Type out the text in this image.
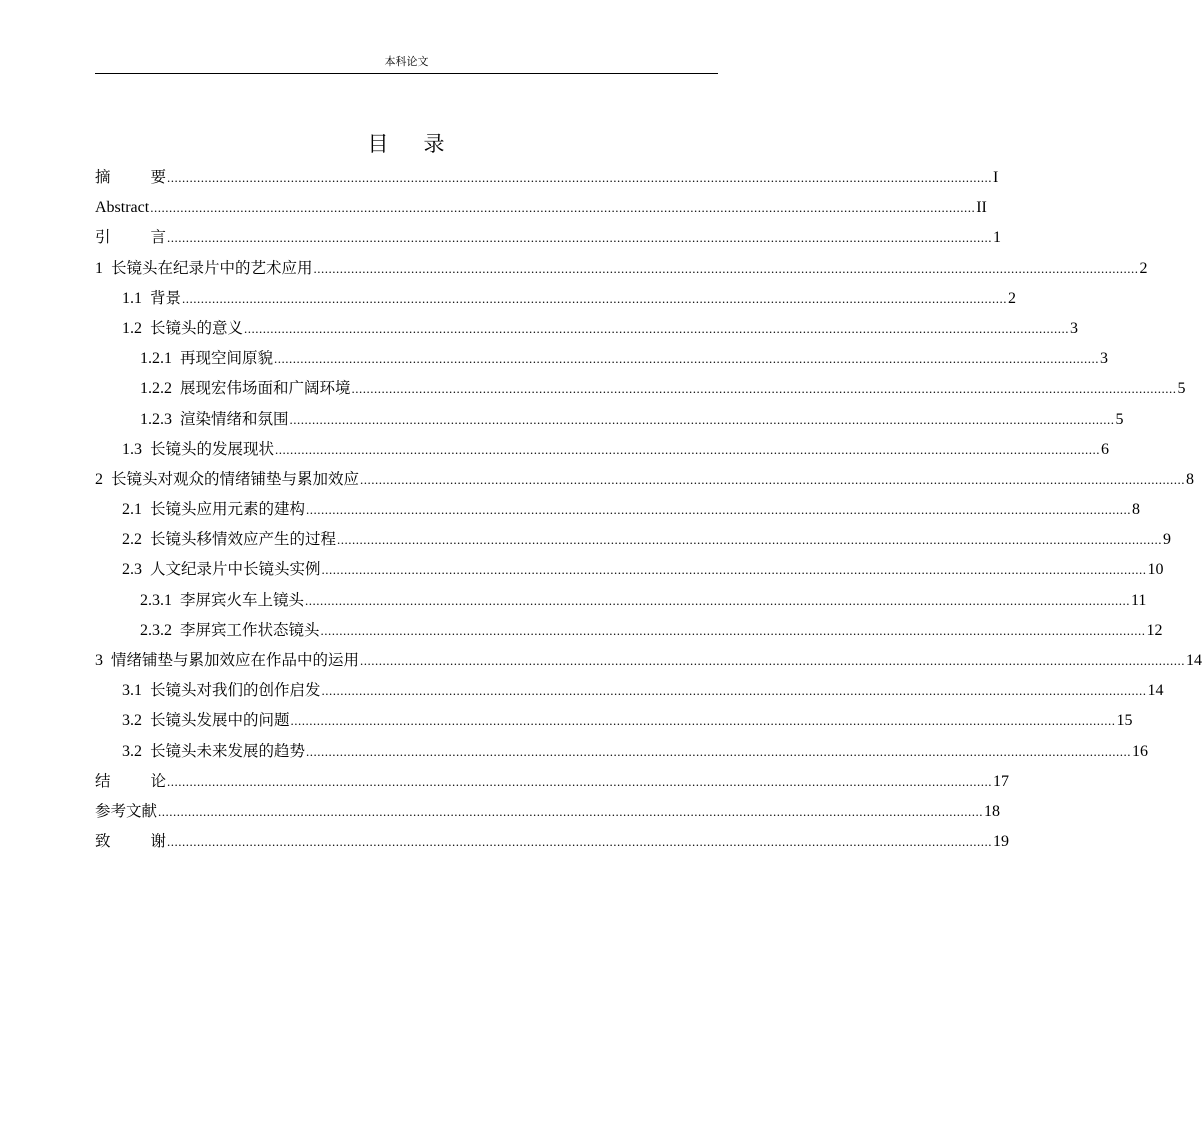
本科论文
目 录
摘	要 ............................................................................................................................................................................................................................ I
Abstract ............................................................................................................................................................................................................................ II
引	言 ............................................................................................................................................................................................................................ 1
1 长镜头在纪录片中的艺术应用 ............................................................................................................................................................................................................................ 2
1.1 背景 ............................................................................................................................................................................................................................ 2
1.2 长镜头的意义 ............................................................................................................................................................................................................................ 3
1.2.1 再现空间原貌 ............................................................................................................................................................................................................................ 3
1.2.2 展现宏伟场面和广阔环境 ............................................................................................................................................................................................................................ 5
1.2.3 渲染情绪和氛围 ............................................................................................................................................................................................................................ 5
1.3 长镜头的发展现状 ............................................................................................................................................................................................................................ 6
2 长镜头对观众的情绪铺垫与累加效应 ............................................................................................................................................................................................................................ 8
2.1 长镜头应用元素的建构 ............................................................................................................................................................................................................................ 8
2.2 长镜头移情效应产生的过程 ............................................................................................................................................................................................................................ 9
2.3 人文纪录片中长镜头实例 ............................................................................................................................................................................................................................ 10
2.3.1 李屏宾火车上镜头 ............................................................................................................................................................................................................................ 11
2.3.2 李屏宾工作状态镜头 ............................................................................................................................................................................................................................ 12
3 情绪铺垫与累加效应在作品中的运用 ............................................................................................................................................................................................................................ 14
3.1 长镜头对我们的创作启发 ............................................................................................................................................................................................................................ 14
3.2 长镜头发展中的问题 ............................................................................................................................................................................................................................ 15
3.2 长镜头未来发展的趋势 ............................................................................................................................................................................................................................ 16
结	论 ............................................................................................................................................................................................................................ 17
参考文献 ............................................................................................................................................................................................................................ 18
致	谢 ............................................................................................................................................................................................................................ 19
